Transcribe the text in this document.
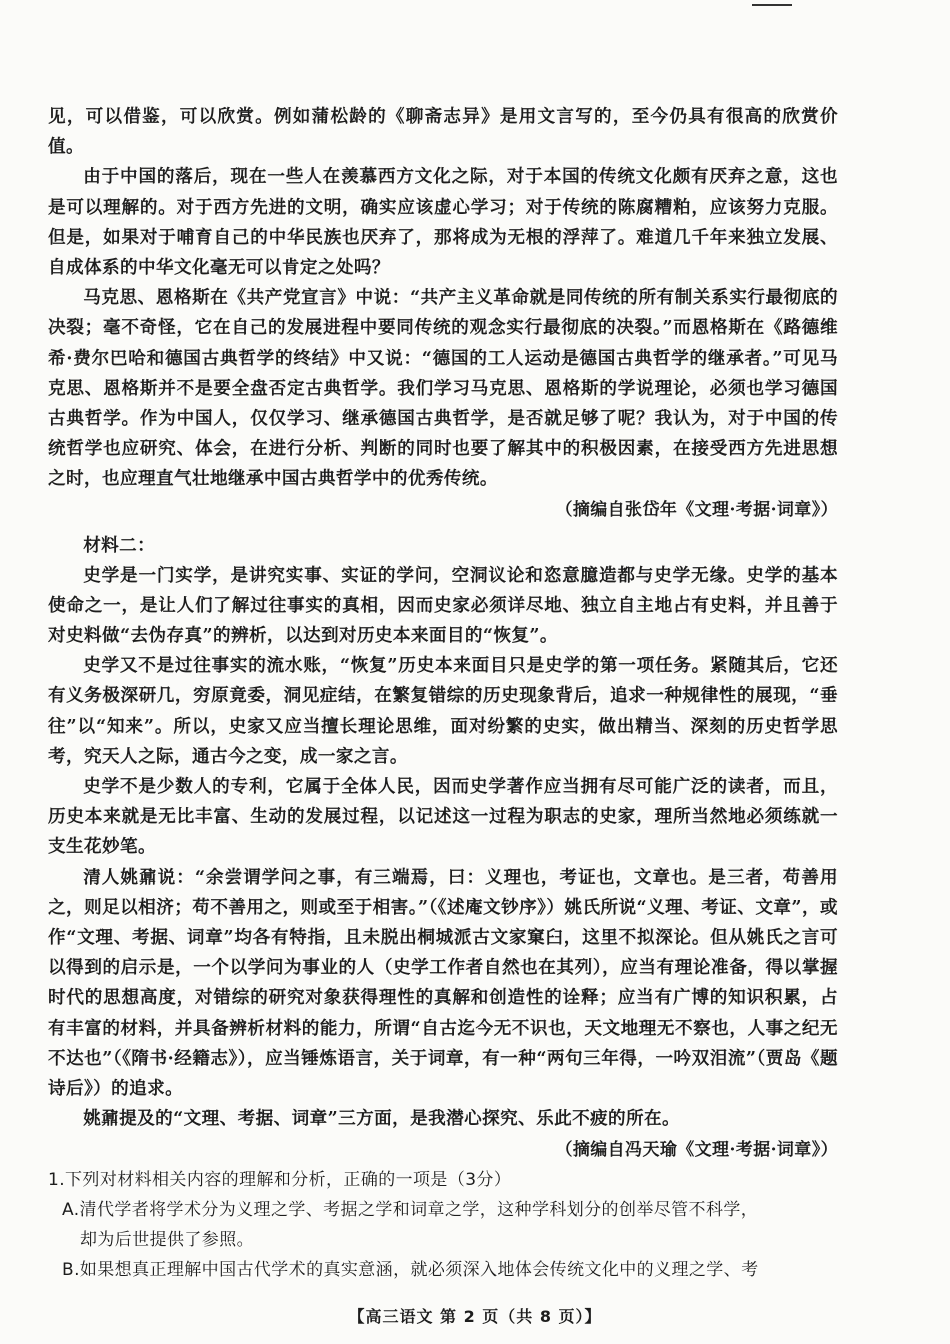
见，可以借鉴，可以欣赏。例如蒲松龄的《聊斋志异》是用文言写的，至今仍具有很高的欣赏价值。

由于中国的落后，现在一些人在羡慕西方文化之际，对于本国的传统文化颇有厌弃之意，这也是可以理解的。对于西方先进的文明，确实应该虚心学习；对于传统的陈腐糟粕，应该努力克服。但是，如果对于哺育自己的中华民族也厌弃了，那将成为无根的浮萍了。难道几千年来独立发展、自成体系的中华文化毫无可以肯定之处吗？

马克思、恩格斯在《共产党宣言》中说：“共产主义革命就是同传统的所有制关系实行最彻底的决裂；毫不奇怪，它在自己的发展进程中要同传统的观念实行最彻底的决裂。”而恩格斯在《路德维希·费尔巴哈和德国古典哲学的终结》中又说：“德国的工人运动是德国古典哲学的继承者。”可见马克思、恩格斯并不是要全盘否定古典哲学。我们学习马克思、恩格斯的学说理论，必须也学习德国古典哲学。作为中国人，仅仅学习、继承德国古典哲学，是否就足够了呢？我认为，对于中国的传统哲学也应研究、体会，在进行分析、判断的同时也要了解其中的积极因素，在接受西方先进思想之时，也应理直气壮地继承中国古典哲学中的优秀传统。

（摘编自张岱年《文理·考据·词章》）

材料二：

史学是一门实学，是讲究实事、实证的学问，空洞议论和恣意臆造都与史学无缘。史学的基本使命之一，是让人们了解过往事实的真相，因而史家必须详尽地、独立自主地占有史料，并且善于对史料做“去伪存真”的辨析，以达到对历史本来面目的“恢复”。

史学又不是过往事实的流水账，“恢复”历史本来面目只是史学的第一项任务。紧随其后，它还有义务极深研几，穷原竟委，洞见症结，在繁复错综的历史现象背后，追求一种规律性的展现，“垂往”以“知来”。所以，史家又应当擅长理论思维，面对纷繁的史实，做出精当、深刻的历史哲学思考，究天人之际，通古今之变，成一家之言。

史学不是少数人的专利，它属于全体人民，因而史学著作应当拥有尽可能广泛的读者，而且，历史本来就是无比丰富、生动的发展过程，以记述这一过程为职志的史家，理所当然地必须练就一支生花妙笔。

清人姚鼐说：“余尝谓学问之事，有三端焉，曰：义理也，考证也，文章也。是三者，苟善用之，则足以相济；苟不善用之，则或至于相害。”（《述庵文钞序》）姚氏所说“义理、考证、文章”，或作“文理、考据、词章”均各有特指，且未脱出桐城派古文家窠臼，这里不拟深论。但从姚氏之言可以得到的启示是，一个以学问为事业的人（史学工作者自然也在其列），应当有理论准备，得以掌握时代的思想高度，对错综的研究对象获得理性的真解和创造性的诠释；应当有广博的知识积累，占有丰富的材料，并具备辨析材料的能力，所谓“自古迄今无不识也，天文地理无不察也，人事之纪无不达也”（《隋书·经籍志》），应当锤炼语言，关于词章，有一种“两句三年得，一吟双泪流”（贾岛《题诗后》）的追求。

姚鼐提及的“文理、考据、词章”三方面，是我潜心探究、乐此不疲的所在。

（摘编自冯天瑜《文理·考据·词章》）

1.下列对材料相关内容的理解和分析，正确的一项是（3分）

A.清代学者将学术分为义理之学、考据之学和词章之学，这种学科划分的创举尽管不科学，
却为后世提供了参照。

B.如果想真正理解中国古代学术的真实意涵，就必须深入地体会传统文化中的义理之学、考

【高三语文 第 2 页（共 8 页）】
